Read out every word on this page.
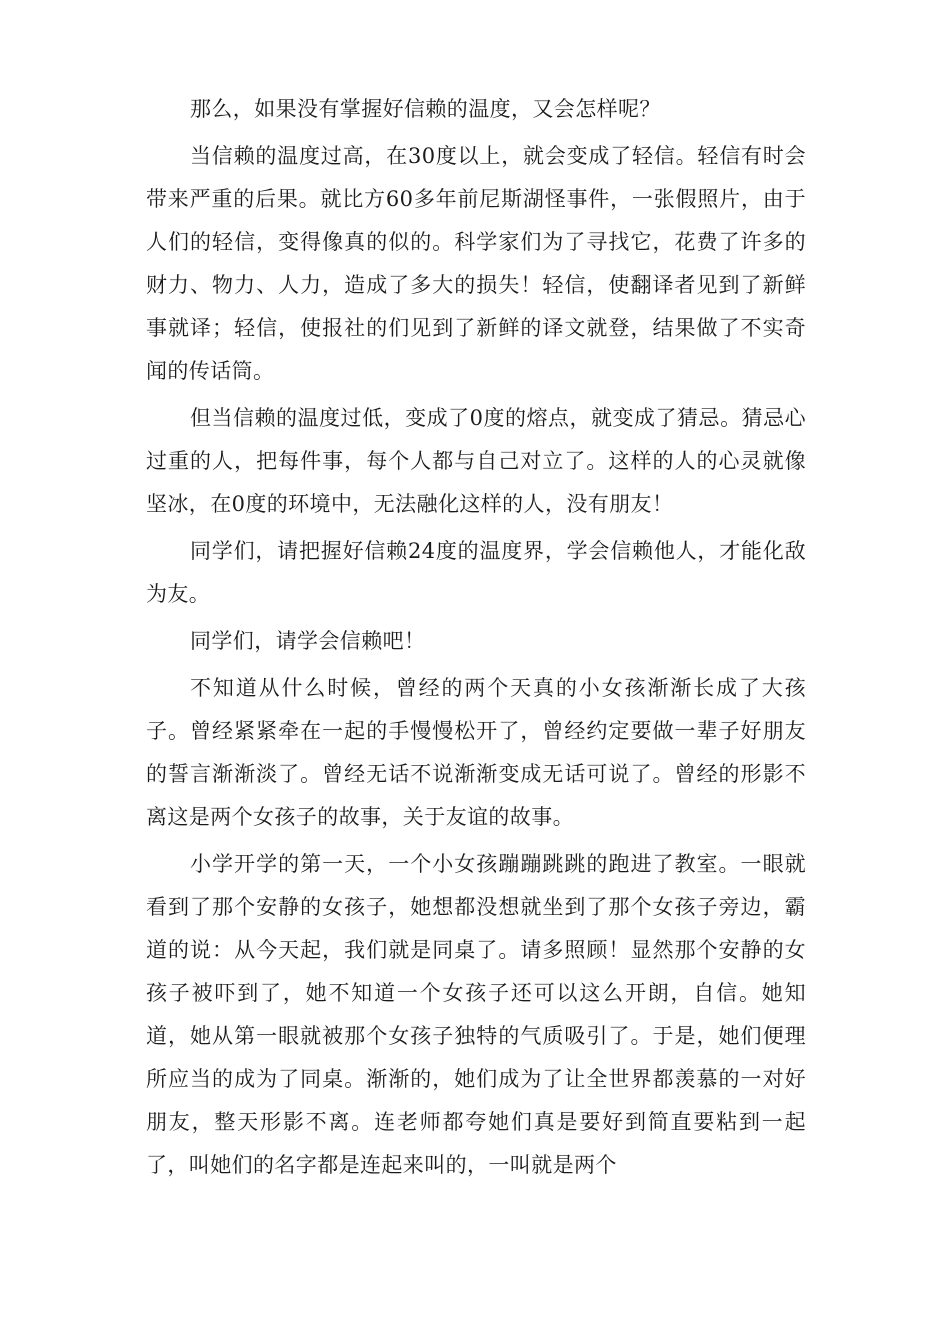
那么，如果没有掌握好信赖的温度，又会怎样呢？

当信赖的温度过高，在30度以上，就会变成了轻信。轻信有时会带来严重的后果。就比方60多年前尼斯湖怪事件，一张假照片，由于人们的轻信，变得像真的似的。科学家们为了寻找它，花费了许多的财力、物力、人力，造成了多大的损失！轻信，使翻译者见到了新鲜事就译；轻信，使报社的们见到了新鲜的译文就登，结果做了不实奇闻的传话筒。

但当信赖的温度过低，变成了0度的熔点，就变成了猜忌。猜忌心过重的人，把每件事，每个人都与自己对立了。这样的人的心灵就像坚冰，在0度的环境中，无法融化这样的人，没有朋友！

同学们，请把握好信赖24度的温度界，学会信赖他人，才能化敌为友。

同学们，请学会信赖吧！

不知道从什么时候，曾经的两个天真的小女孩渐渐长成了大孩子。曾经紧紧牵在一起的手慢慢松开了，曾经约定要做一辈子好朋友的誓言渐渐淡了。曾经无话不说渐渐变成无话可说了。曾经的形影不离这是两个女孩子的故事，关于友谊的故事。

小学开学的第一天，一个小女孩蹦蹦跳跳的跑进了教室。一眼就看到了那个安静的女孩子，她想都没想就坐到了那个女孩子旁边，霸道的说：从今天起，我们就是同桌了。请多照顾！显然那个安静的女孩子被吓到了，她不知道一个女孩子还可以这么开朗，自信。她知道，她从第一眼就被那个女孩子独特的气质吸引了。于是，她们便理所应当的成为了同桌。渐渐的，她们成为了让全世界都羡慕的一对好朋友，整天形影不离。连老师都夸她们真是要好到简直要粘到一起了，叫她们的名字都是连起来叫的，一叫就是两个
